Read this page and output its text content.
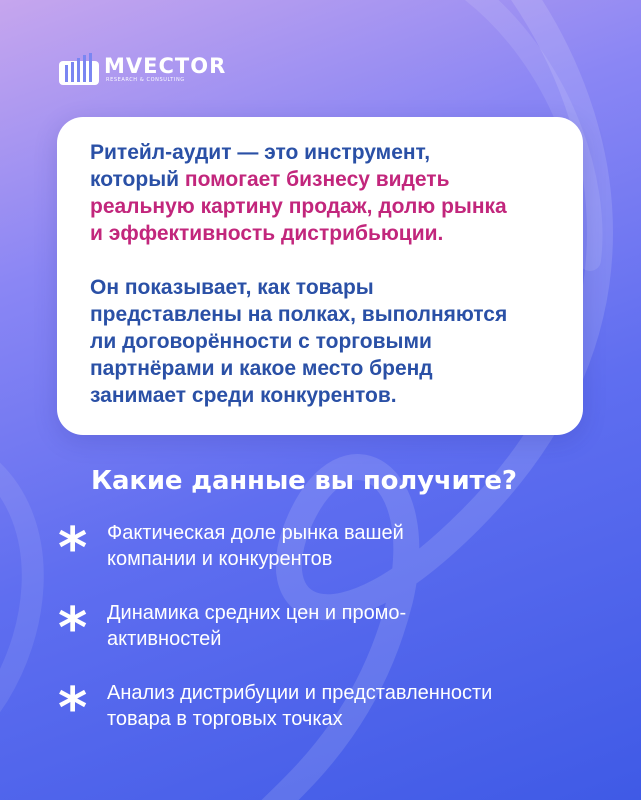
MVECTOR
RESEARCH & CONSULTING

Ритейл-аудит — это инструмент,
который помогает бизнесу видеть
реальную картину продаж, долю рынка
и эффективность дистрибьюции.

Он показывает, как товары
представлены на полках, выполняются
ли договорённости с торговыми
партнёрами и какое место бренд
занимает среди конкурентов.

Какие данные вы получите?
* Фактическая доле рынка вашей
компании и конкурентов

* Динамика средних цен и промо-
активностей

* Анализ дистрибуции и представленности
товара в торговых точках
